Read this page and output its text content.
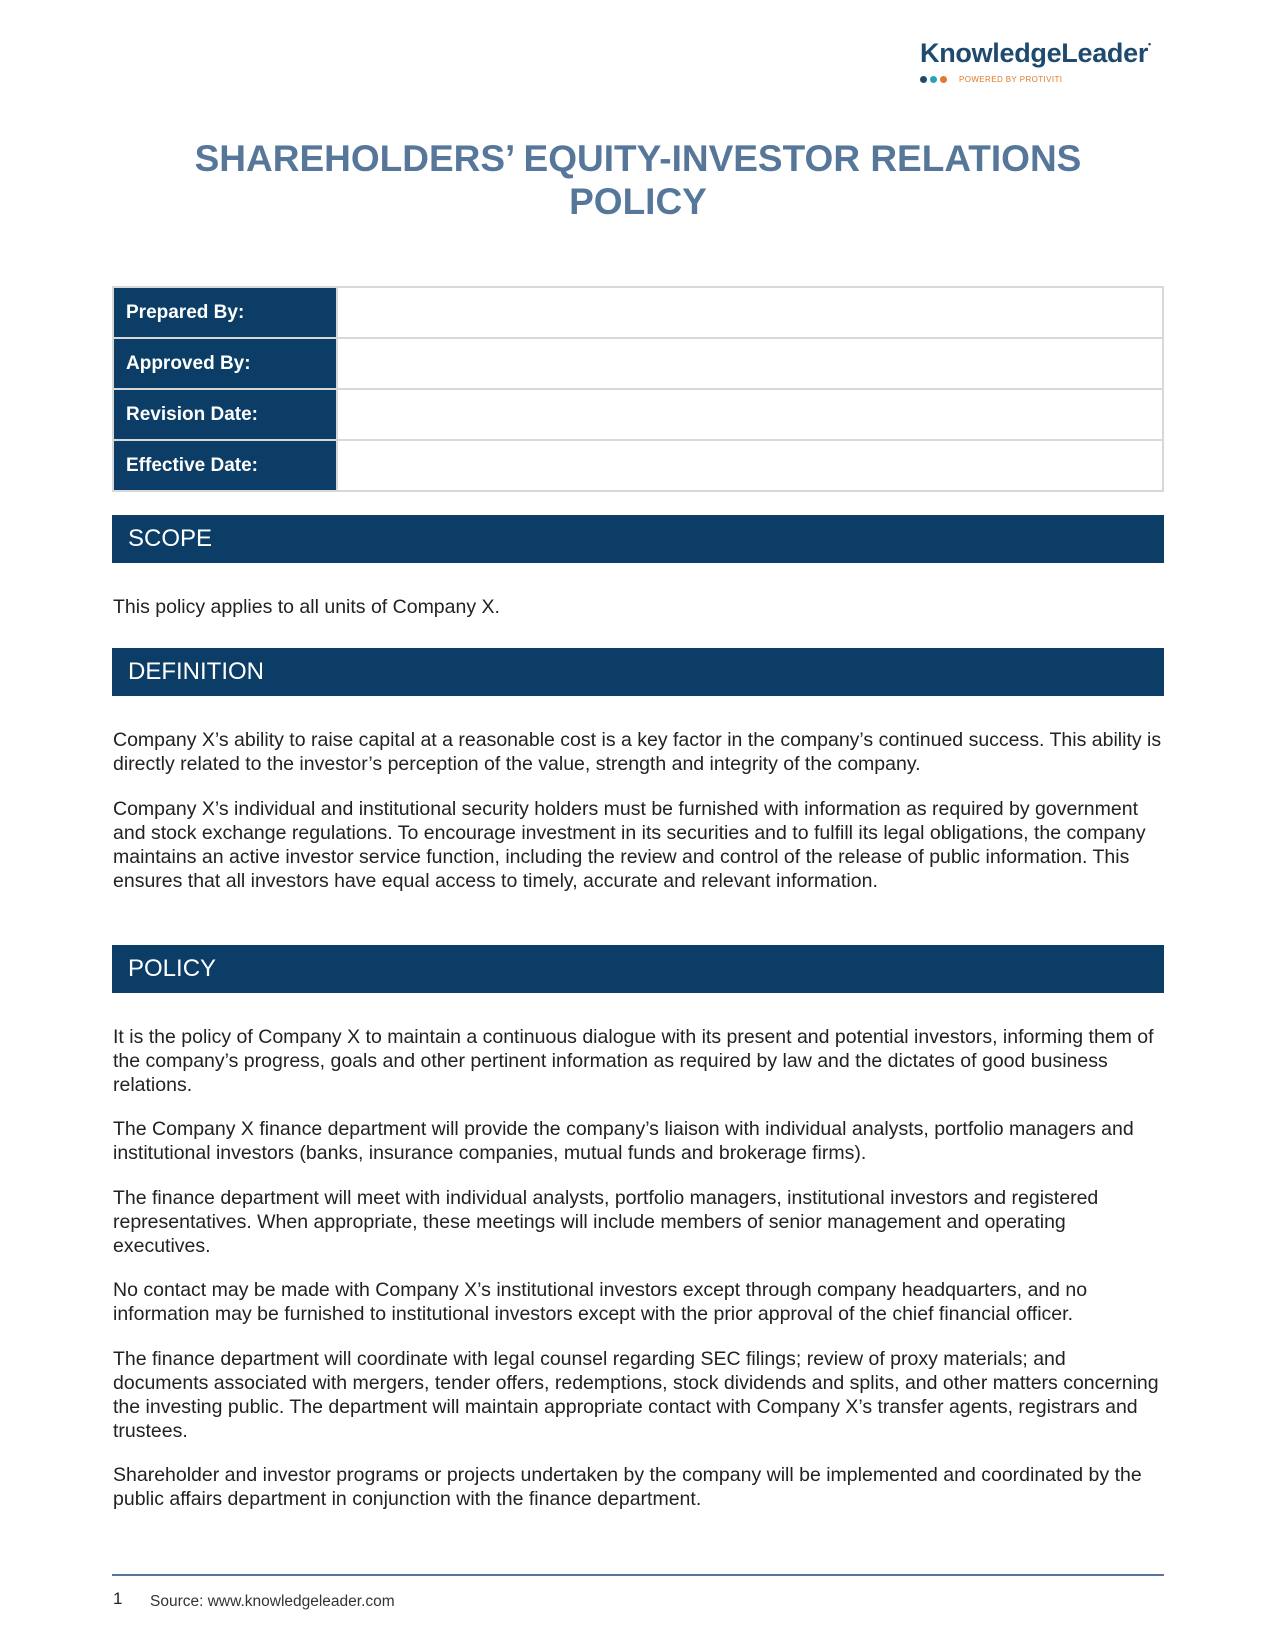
KnowledgeLeader•
POWERED BY PROTIVITI
SHAREHOLDERS’ EQUITY-INVESTOR RELATIONS
POLICY
Prepared By:	
Approved By:	
Revision Date:	
Effective Date:	
SCOPE

This policy applies to all units of Company X.

DEFINITION

Company X’s ability to raise capital at a reasonable cost is a key factor in the company’s continued success. This ability is directly related to the investor’s perception of the value, strength and integrity of the company.

Company X’s individual and institutional security holders must be furnished with information as required by government and stock exchange regulations. To encourage investment in its securities and to fulfill its legal obligations, the company maintains an active investor service function, including the review and control of the release of public information. This ensures that all investors have equal access to timely, accurate and relevant information.

POLICY

It is the policy of Company X to maintain a continuous dialogue with its present and potential investors, informing them of the company’s progress, goals and other pertinent information as required by law and the dictates of good business relations.

The Company X finance department will provide the company’s liaison with individual analysts, portfolio managers and institutional investors (banks, insurance companies, mutual funds and brokerage firms).

The finance department will meet with individual analysts, portfolio managers, institutional investors and registered representatives. When appropriate, these meetings will include members of senior management and operating executives.

No contact may be made with Company X’s institutional investors except through company headquarters, and no information may be furnished to institutional investors except with the prior approval of the chief financial officer.

The finance department will coordinate with legal counsel regarding SEC filings; review of proxy materials; and documents associated with mergers, tender offers, redemptions, stock dividends and splits, and other matters concerning the investing public. The department will maintain appropriate contact with Company X’s transfer agents, registrars and trustees.

Shareholder and investor programs or projects undertaken by the company will be implemented and coordinated by the public affairs department in conjunction with the finance department.

1 Source: www.knowledgeleader.com
